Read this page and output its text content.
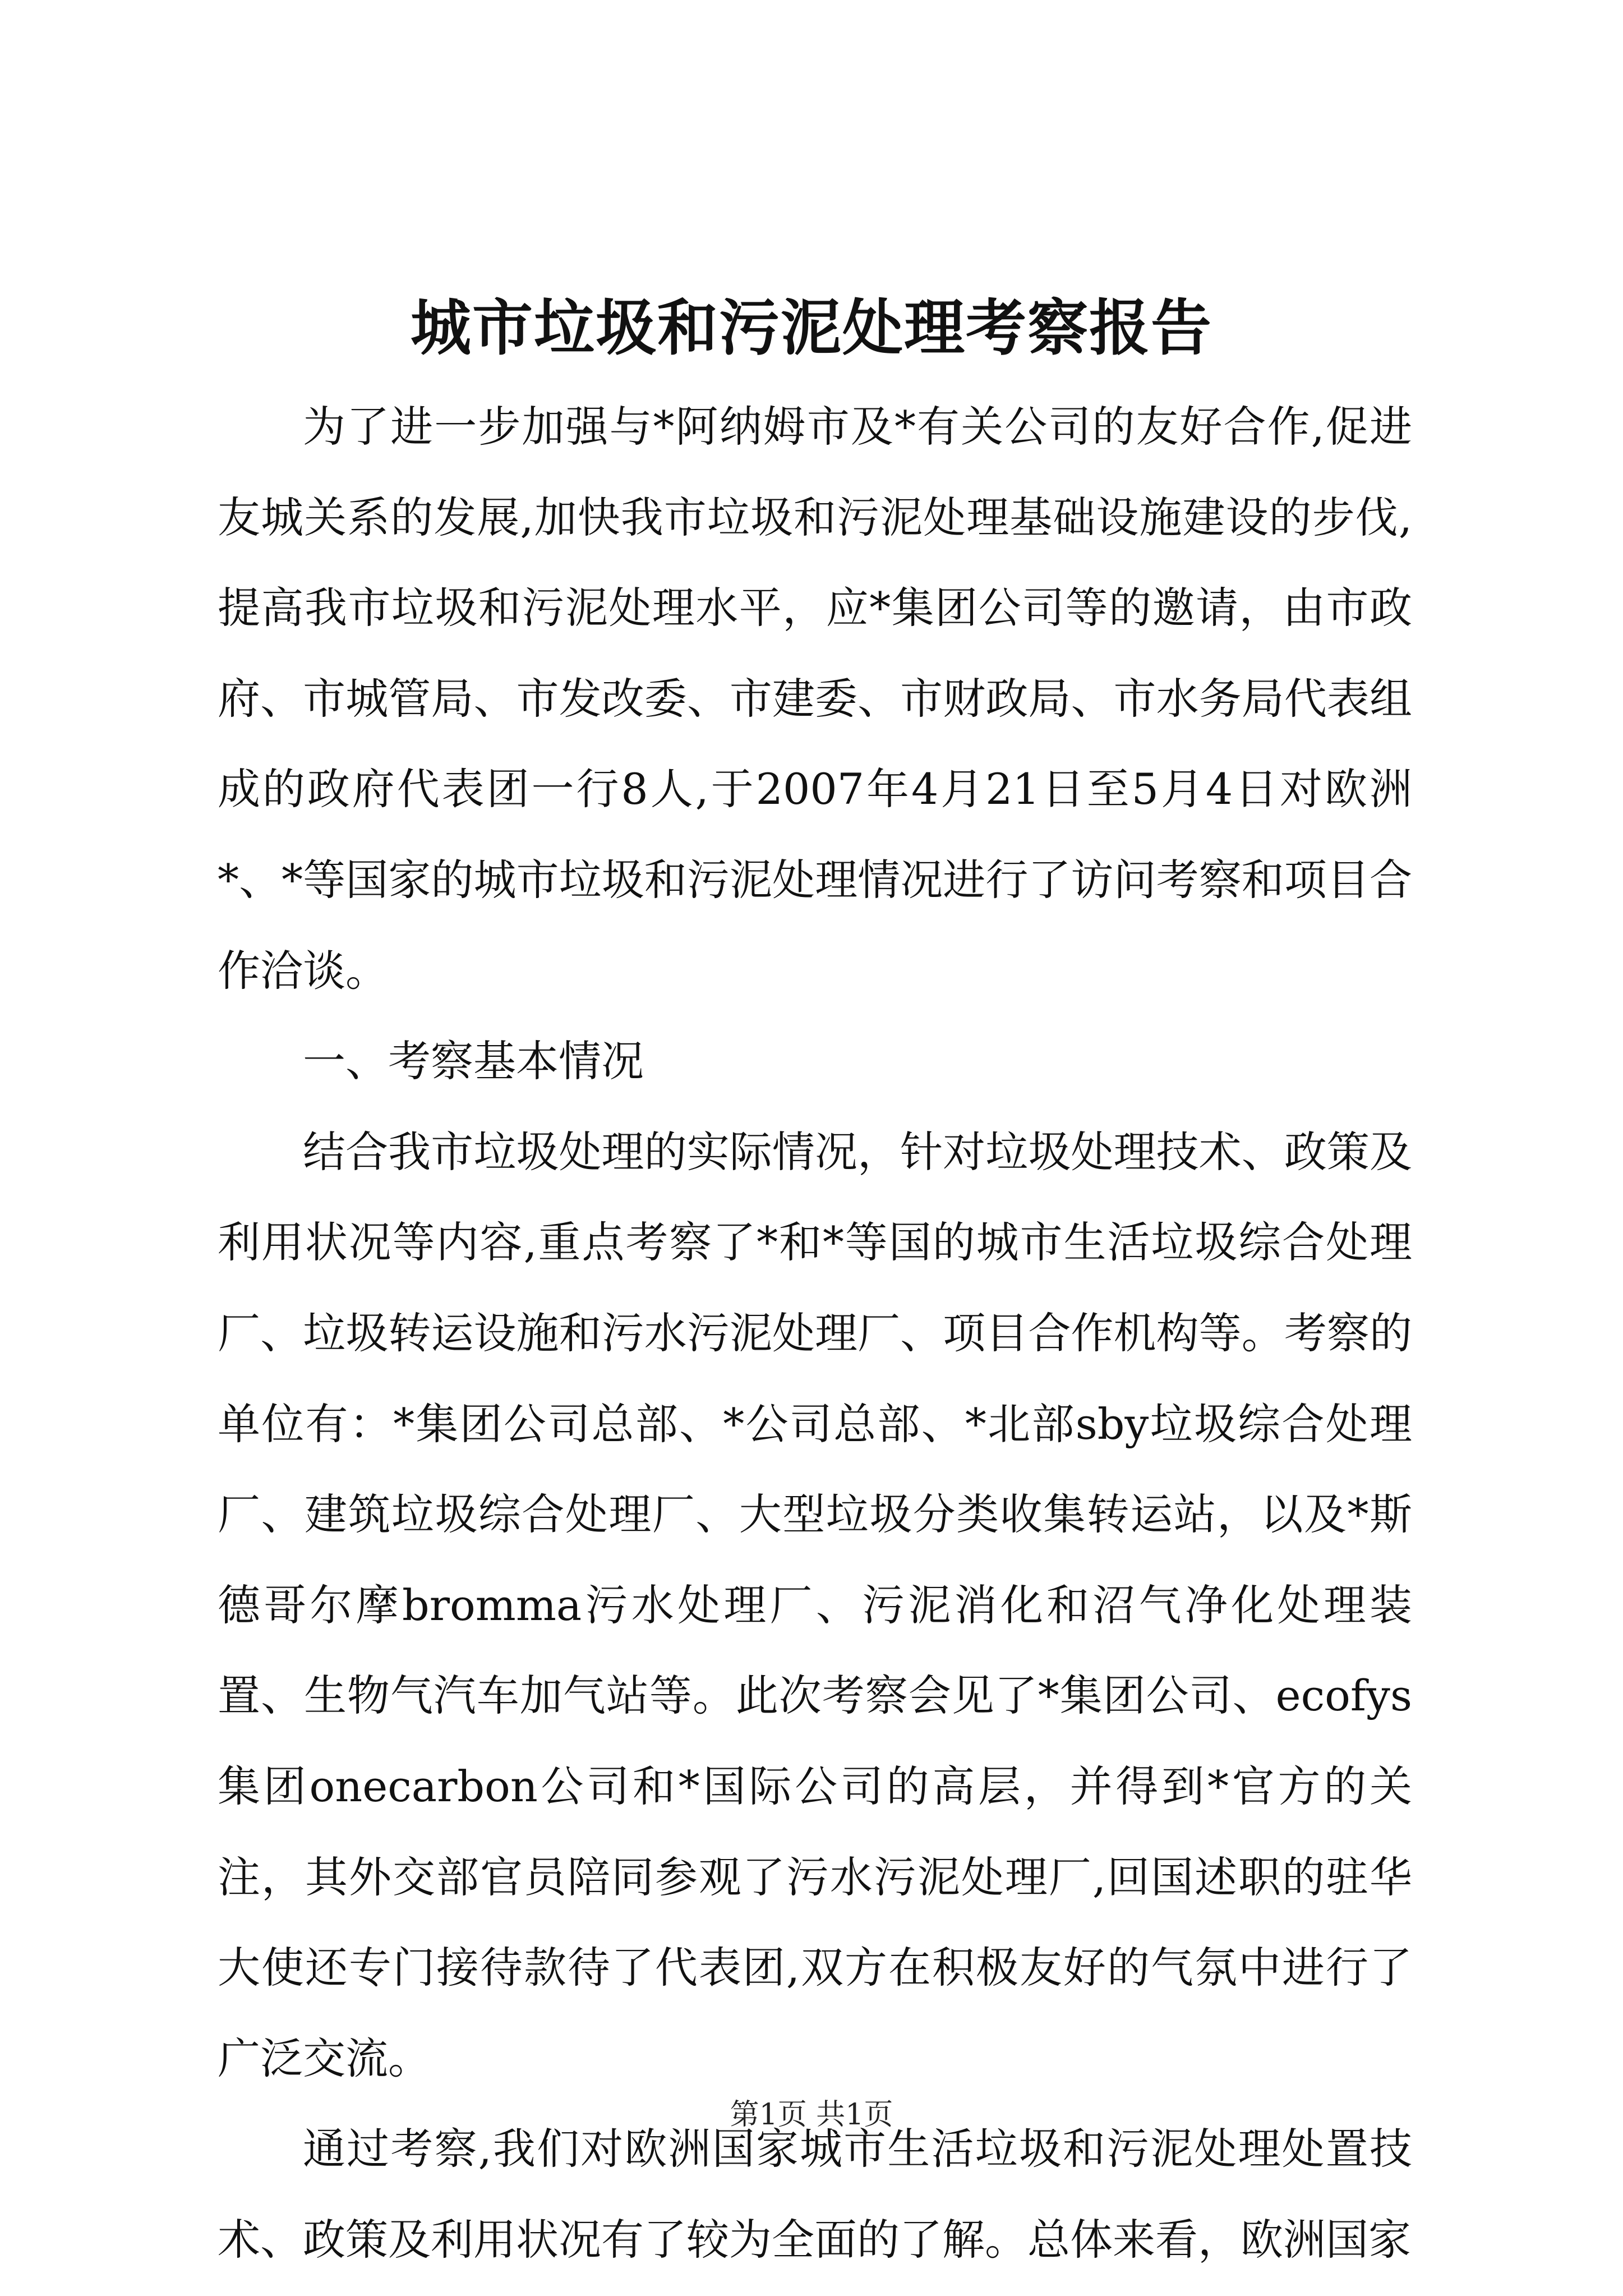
城市垃圾和污泥处理考察报告

为了进一步加强与*阿纳姆市及*有关公司的友好合作,促进友城关系的发展,加快我市垃圾和污泥处理基础设施建设的步伐,提高我市垃圾和污泥处理水平，应*集团公司等的邀请，由市政府、市城管局、市发改委、市建委、市财政局、市水务局代表组成的政府代表团一行8人,于2007年4月21日至5月4日对欧洲*、*等国家的城市垃圾和污泥处理情况进行了访问考察和项目合作洽谈。

一、考察基本情况

结合我市垃圾处理的实际情况，针对垃圾处理技术、政策及利用状况等内容,重点考察了*和*等国的城市生活垃圾综合处理厂、垃圾转运设施和污水污泥处理厂、项目合作机构等。考察的单位有：*集团公司总部、*公司总部、*北部sby垃圾综合处理厂、建筑垃圾综合处理厂、大型垃圾分类收集转运站，以及*斯德哥尔摩bromma污水处理厂、污泥消化和沼气净化处理装置、生物气汽车加气站等。此次考察会见了*集团公司、ecofys集团onecarbon公司和*国际公司的高层，并得到*官方的关注，其外交部官员陪同参观了污水污泥处理厂,回国述职的驻华大使还专门接待款待了代表团,双方在积极友好的气氛中进行了广泛交流。

通过考察,我们对欧洲国家城市生活垃圾和污泥处理处置技术、政策及利用状况有了较为全面的了解。总体来看，欧洲国家

第1页 共1页
